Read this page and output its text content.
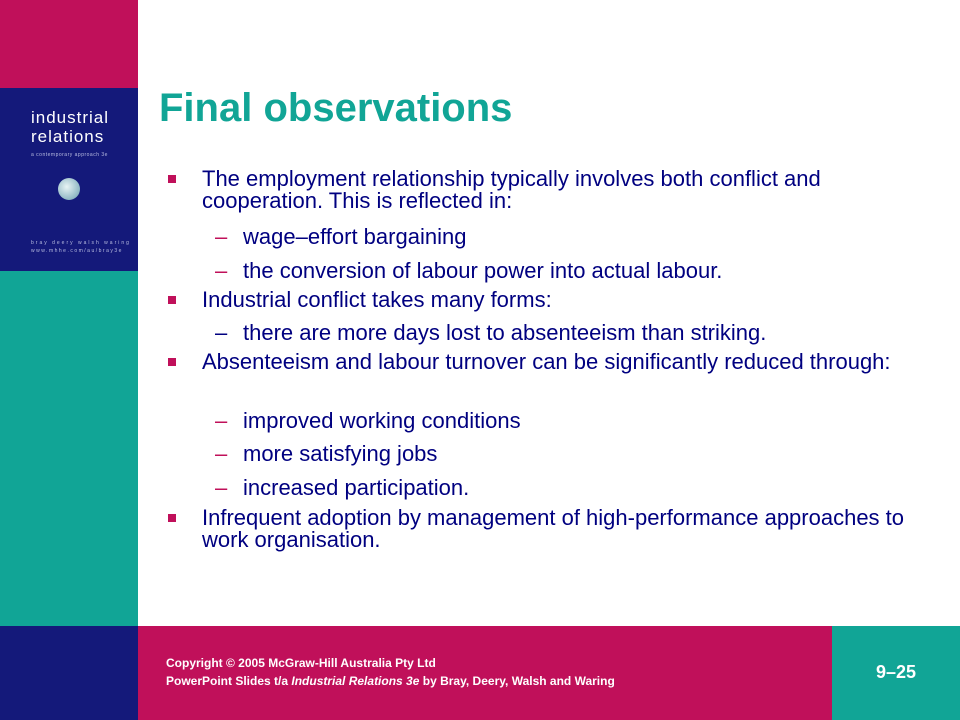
industrial
relations
a contemporary approach 3e
bray deery walsh waring
www.mhhe.com/au/bray3e
Final observations
The employment relationship typically involves both conflict and cooperation. This is reflected in:
– wage–effort bargaining
– the conversion of labour power into actual labour.
Industrial conflict takes many forms:
– there are more days lost to absenteeism than striking.
Absenteeism and labour turnover can be significantly reduced through:
– improved working conditions
– more satisfying jobs
– increased participation.
Infrequent adoption by management of high-performance approaches to work organisation.
Copyright © 2005 McGraw-Hill Australia Pty Ltd
PowerPoint Slides t/a Industrial Relations 3e by Bray, Deery, Walsh and Waring	9–25
